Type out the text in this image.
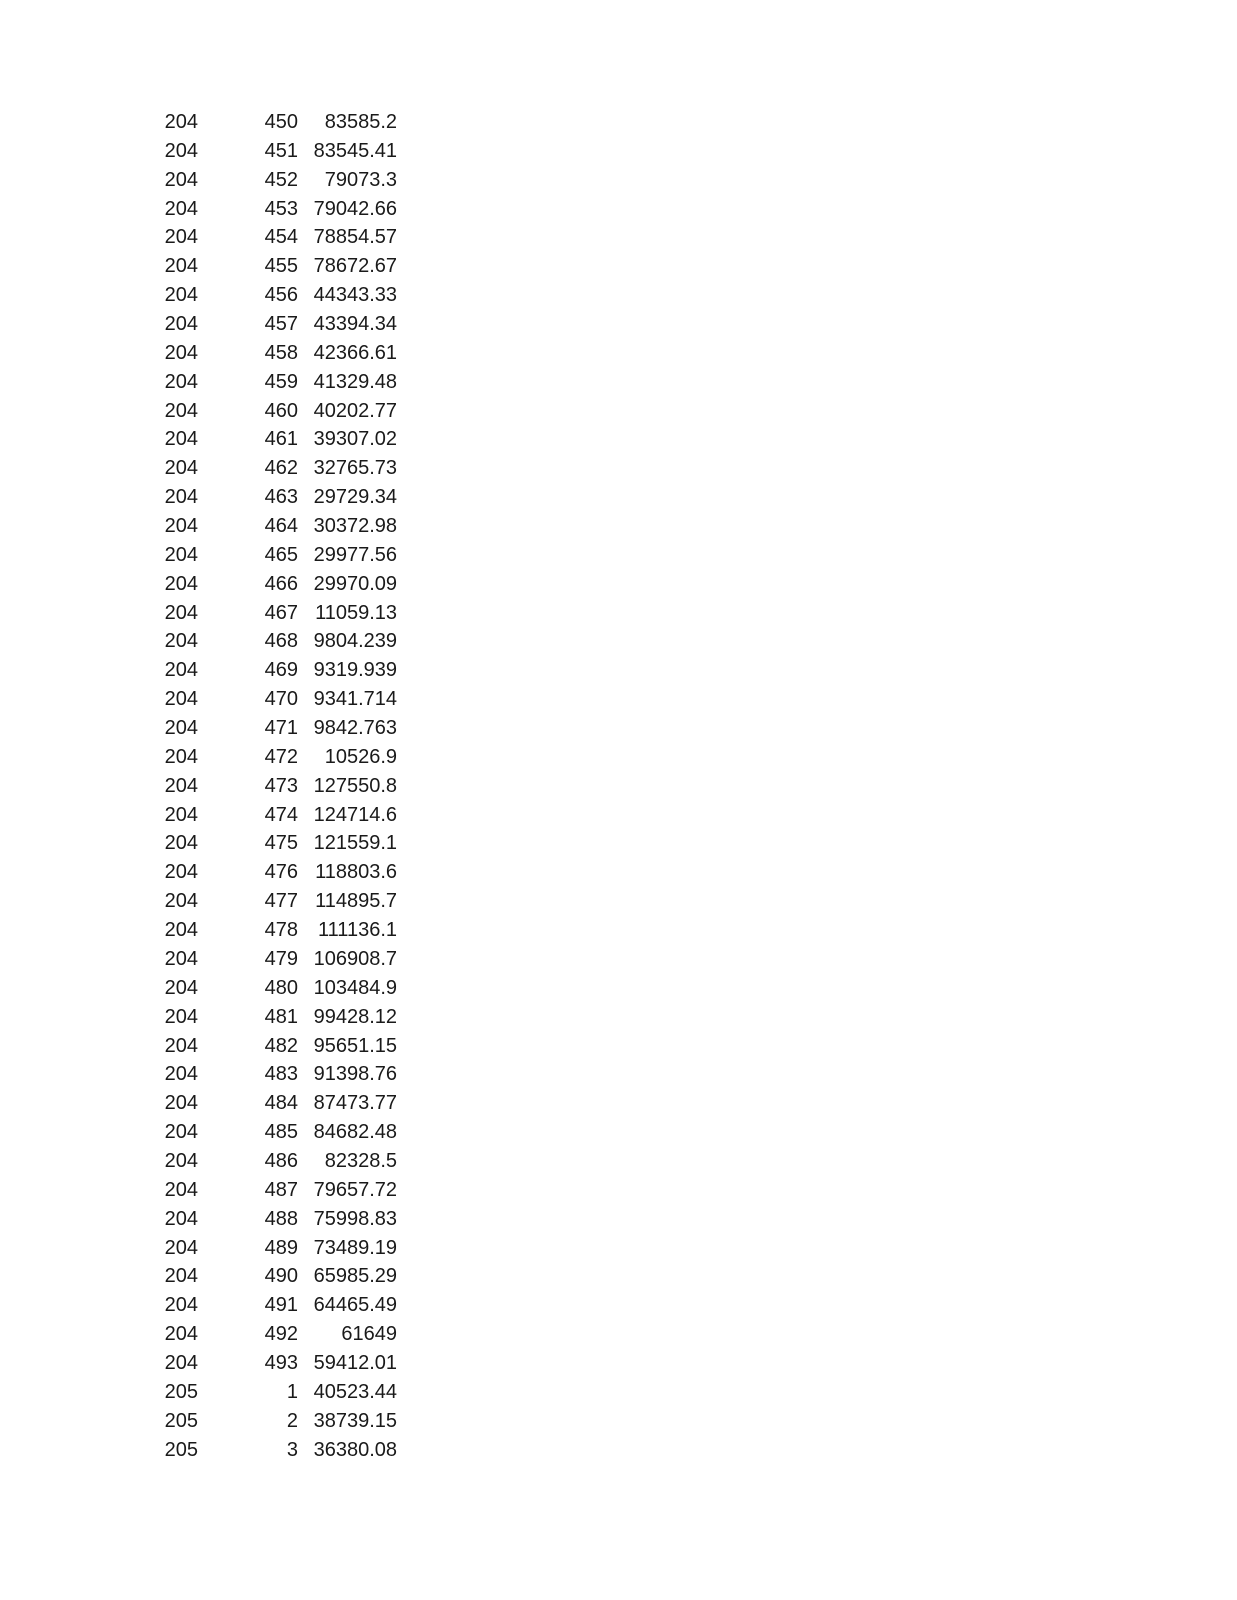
204	450	83585.2
204	451 83545.41
204	452	79073.3
204	453 79042.66
204	454 78854.57
204	455 78672.67
204	456 44343.33
204	457 43394.34
204	458 42366.61
204	459 41329.48
204	460 40202.77
204	461 39307.02
204	462 32765.73
204	463 29729.34
204	464 30372.98
204	465 29977.56
204	466 29970.09
204	467 11059.13
204	468 9804.239
204	469 9319.939
204	470 9341.714
204	471 9842.763
204	472	10526.9
204	473 127550.8
204	474 124714.6
204	475 121559.1
204	476 118803.6
204	477 114895.7
204	478	111136.1
204	479 106908.7
204	480 103484.9
204	481 99428.12
204	482 95651.15
204	483 91398.76
204	484 87473.77
204	485 84682.48
204	486	82328.5
204	487 79657.72
204	488 75998.83
204	489 73489.19
204	490 65985.29
204	491 64465.49
204	492	61649
204	493 59412.01
205	1 40523.44
205	2 38739.15
205	3 36380.08
